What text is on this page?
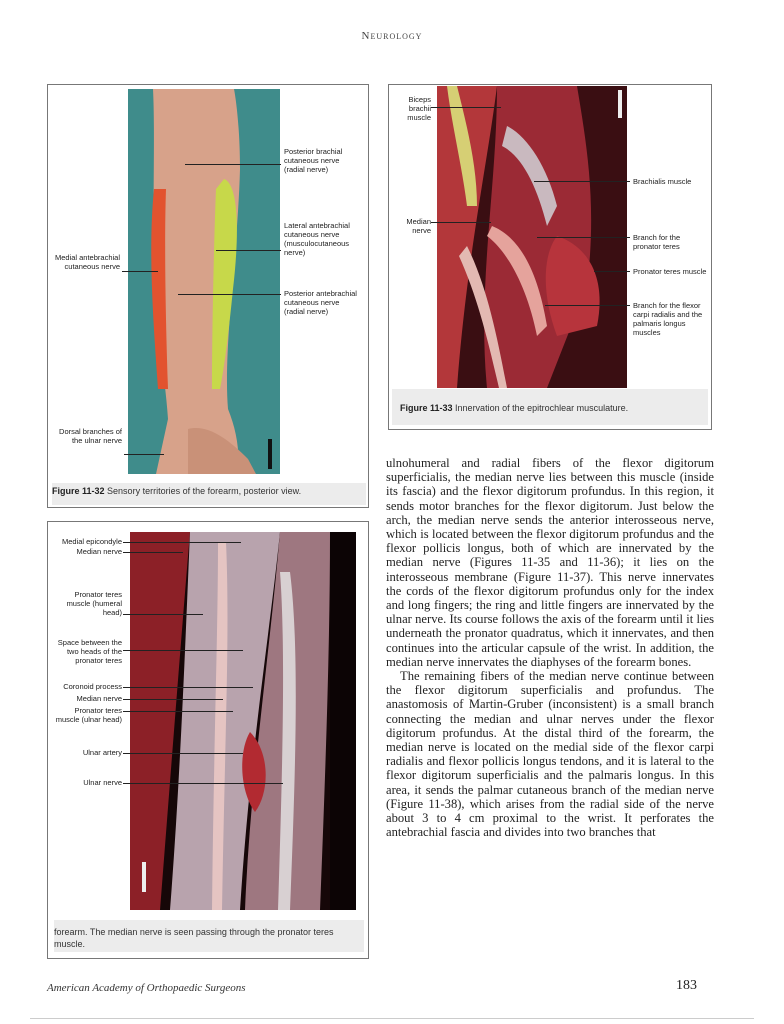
Neurology
Posterior brachial cutaneous nerve (radial nerve)
Lateral antebrachial cutaneous nerve (musculocutaneous nerve)
Medial antebrachial cutaneous nerve
Posterior antebrachial cutaneous nerve (radial nerve)
Dorsal branches of the ulnar nerve
Figure 11-32 Sensory territories of the forearm, posterior view.
Biceps brachii muscle
Median nerve
Brachialis muscle
Branch for the pronator teres
Pronator teres muscle
Branch for the flexor carpi radialis and the palmaris longus muscles
Figure 11-33 Innervation of the epitrochlear musculature.
Medial epicondyle
Median nerve
Pronator teres muscle (humeral head)
Space between the two heads of the pronator teres
Coronoid process
Median nerve
Pronator teres muscle (ulnar head)
Ulnar artery
Ulnar nerve
forearm. The median nerve is seen passing through the pronator teres muscle.

ulnohumeral and radial fibers of the flexor digitorum superficialis, the median nerve lies between this muscle (inside its fascia) and the flexor digitorum profundus. In this region, it sends motor branches for the flexor digitorum. Just below the arch, the median nerve sends the anterior interosseous nerve, which is located between the flexor digitorum profundus and the flexor pollicis longus, both of which are innervated by the median nerve (Figures 11-35 and 11-36); it lies on the interosseous membrane (Figure 11-37). This nerve innervates the cords of the flexor digitorum profundus only for the index and long fingers; the ring and little fingers are innervated by the ulnar nerve. Its course follows the axis of the forearm until it lies underneath the pronator quadratus, which it innervates, and then continues into the articular capsule of the wrist. In addition, the median nerve innervates the diaphyses of the forearm bones.

The remaining fibers of the median nerve continue between the flexor digitorum superficialis and profundus. The anastomosis of Martin-Gruber (inconsistent) is a small branch connecting the median and ulnar nerves under the flexor digitorum profundus. At the distal third of the forearm, the median nerve is located on the medial side of the flexor carpi radialis and flexor pollicis longus tendons, and it is lateral to the flexor digitorum superficialis and the palmaris longus. In this area, it sends the palmar cutaneous branch of the median nerve (Figure 11-38), which arises from the radial side of the nerve about 3 to 4 cm proximal to the wrist. It perforates the antebrachial fascia and divides into two branches that

American Academy of Orthopaedic Surgeons	183
